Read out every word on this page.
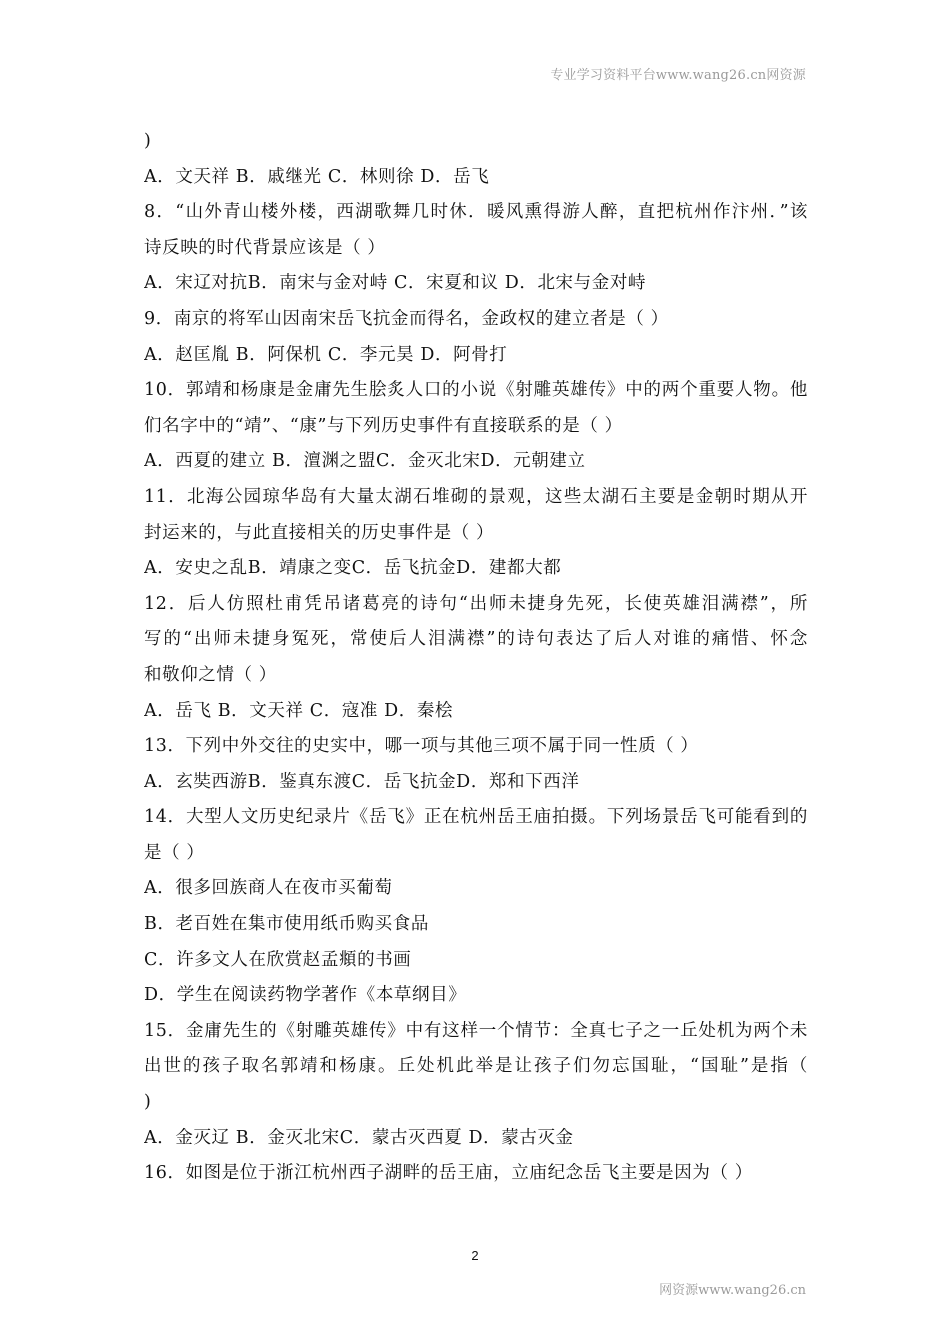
专业学习资料平台www.wang26.cn网资源
)
A．文天祥 B．戚继光 C．林则徐 D．岳飞
8．“山外青山楼外楼，西湖歌舞几时休．暖风熏得游人醉，直把杭州作汴州．”该
诗反映的时代背景应该是（ ）
A．宋辽对抗B．南宋与金对峙 C．宋夏和议 D．北宋与金对峙
9．南京的将军山因南宋岳飞抗金而得名，金政权的建立者是（ ）
A．赵匡胤 B．阿保机 C．李元昊 D．阿骨打
10．郭靖和杨康是金庸先生脍炙人口的小说《射雕英雄传》中的两个重要人物。他
们名字中的“靖”、“康”与下列历史事件有直接联系的是（ ）
A．西夏的建立 B．澶渊之盟C．金灭北宋D．元朝建立
11．北海公园琼华岛有大量太湖石堆砌的景观，这些太湖石主要是金朝时期从开
封运来的，与此直接相关的历史事件是（ ）
A．安史之乱B．靖康之变C．岳飞抗金D．建都大都
12．后人仿照杜甫凭吊诸葛亮的诗句“出师未捷身先死，长使英雄泪满襟”，所
写的“出师未捷身冤死，常使后人泪满襟”的诗句表达了后人对谁的痛惜、怀念
和敬仰之情（ ）
A．岳飞 B．文天祥 C．寇准 D．秦桧
13．下列中外交往的史实中，哪一项与其他三项不属于同一性质（ ）
A．玄奘西游B．鉴真东渡C．岳飞抗金D．郑和下西洋
14．大型人文历史纪录片《岳飞》正在杭州岳王庙拍摄。下列场景岳飞可能看到的
是（ ）
A．很多回族商人在夜市买葡萄
B．老百姓在集市使用纸币购买食品
C．许多文人在欣赏赵孟頫的书画
D．学生在阅读药物学著作《本草纲目》
15．金庸先生的《射雕英雄传》中有这样一个情节：全真七子之一丘处机为两个未
出世的孩子取名郭靖和杨康。丘处机此举是让孩子们勿忘国耻，“国耻”是指（
)
A．金灭辽 B．金灭北宋C．蒙古灭西夏 D．蒙古灭金
16．如图是位于浙江杭州西子湖畔的岳王庙，立庙纪念岳飞主要是因为（ ）
2
网资源www.wang26.cn
